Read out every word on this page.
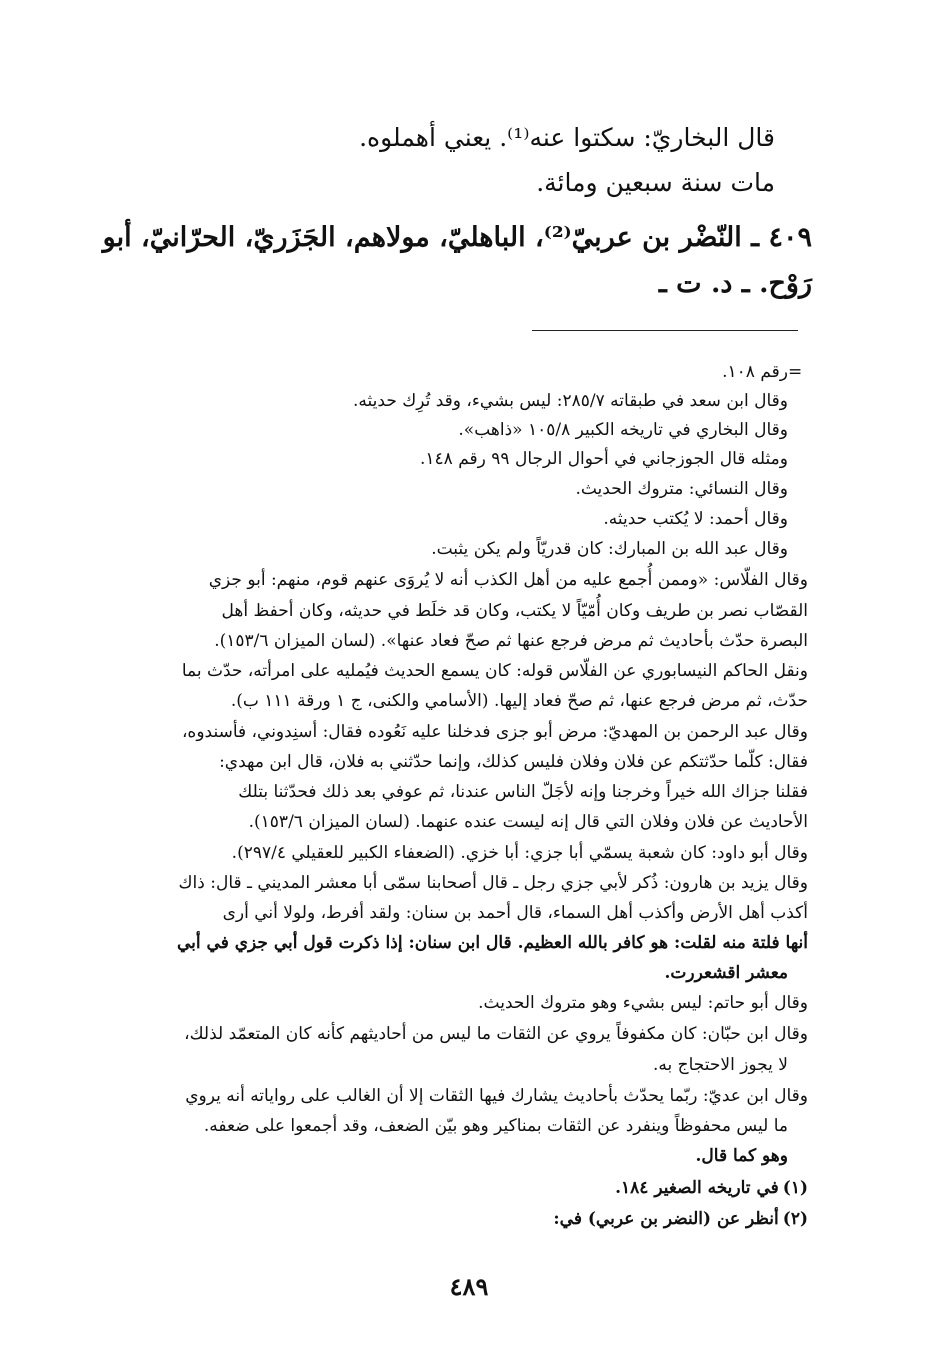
قال البخاريّ: سكتوا عنه⁽¹⁾. يعني أهملوه.
مات سنة سبعين ومائة.
٤٠٩ ـ النّضْر بن عربيّ⁽²⁾، الباهليّ، مولاهم، الجَزَريّ، الحرّانيّ، أبو
رَوْح. ـ د. ت ـ
=
رقم ١٠٨.
وقال ابن سعد في طبقاته ٢٨٥/٧: ليس بشيء، وقد تُرِك حديثه.
وقال البخاري في تاريخه الكبير ١٠٥/٨ «ذاهب».
ومثله قال الجوزجاني في أحوال الرجال ٩٩ رقم ١٤٨.
وقال النسائي: متروك الحديث.
وقال أحمد: لا يُكتب حديثه.
وقال عبد الله بن المبارك: كان قدريّاً ولم يكن يثبت.
وقال الفلّاس: «وممن أُجمع عليه من أهل الكذب أنه لا يُروَى عنهم قوم، منهم: أبو جزي
القصّاب نصر بن طريف وكان أُمّيّاً لا يكتب، وكان قد خلَط في حديثه، وكان أحفظ أهل
البصرة حدّث بأحاديث ثم مرض فرجع عنها ثم صحّ فعاد عنها». (لسان الميزان ١٥٣/٦).
ونقل الحاكم النيسابوري عن الفلّاس قوله: كان يسمع الحديث فيُمليه على امرأته، حدّث بما
حدّث، ثم مرض فرجع عنها، ثم صحّ فعاد إليها. (الأسامي والكنى، ج ١ ورقة ١١١ ب).
وقال عبد الرحمن بن المهديّ: مرض أبو جزى فدخلنا عليه نَعُوده فقال: أسنِدوني، فأسندوه،
فقال: كلّما حدّثتكم عن فلان وفلان فليس كذلك، وإنما حدّثني به فلان، قال ابن مهدي:
فقلنا جزاك الله خيراً وخرجنا وإنه لأجَلّ الناس عندنا، ثم عوفي بعد ذلك فحدّثنا بتلك
الأحاديث عن فلان وفلان التي قال إنه ليست عنده عنهما. (لسان الميزان ١٥٣/٦).
وقال أبو داود: كان شعبة يسمّي أبا جزي: أبا خزي. (الضعفاء الكبير للعقيلي ٢٩٧/٤).
وقال يزيد بن هارون: ذُكر لأبي جزي رجل ـ قال أصحابنا سمّى أبا معشر المديني ـ قال: ذاك
أكذب أهل الأرض وأكذب أهل السماء، قال أحمد بن سنان: ولقد أفرط، ولولا أني أرى
أنها فلتة منه لقلت: هو كافر بالله العظيم. قال ابن سنان: إذا ذكرت قول أبي جزي في أبي
معشر اقشعررت.
وقال أبو حاتم: ليس بشيء وهو متروك الحديث.
وقال ابن حبّان: كان مكفوفاً يروي عن الثقات ما ليس من أحاديثهم كأنه كان المتعمّد لذلك،
لا يجوز الاحتجاج به.
وقال ابن عديّ: ربّما يحدّث بأحاديث يشارك فيها الثقات إلا أن الغالب على رواياته أنه يروي
ما ليس محفوظاً وينفرد عن الثقات بمناكير وهو بيّن الضعف، وقد أجمعوا على ضعفه.
وهو كما قال.
(١)في تاريخه الصغير ١٨٤.
(٢)أنظر عن (النضر بن عربي) في:
٤٨٩
